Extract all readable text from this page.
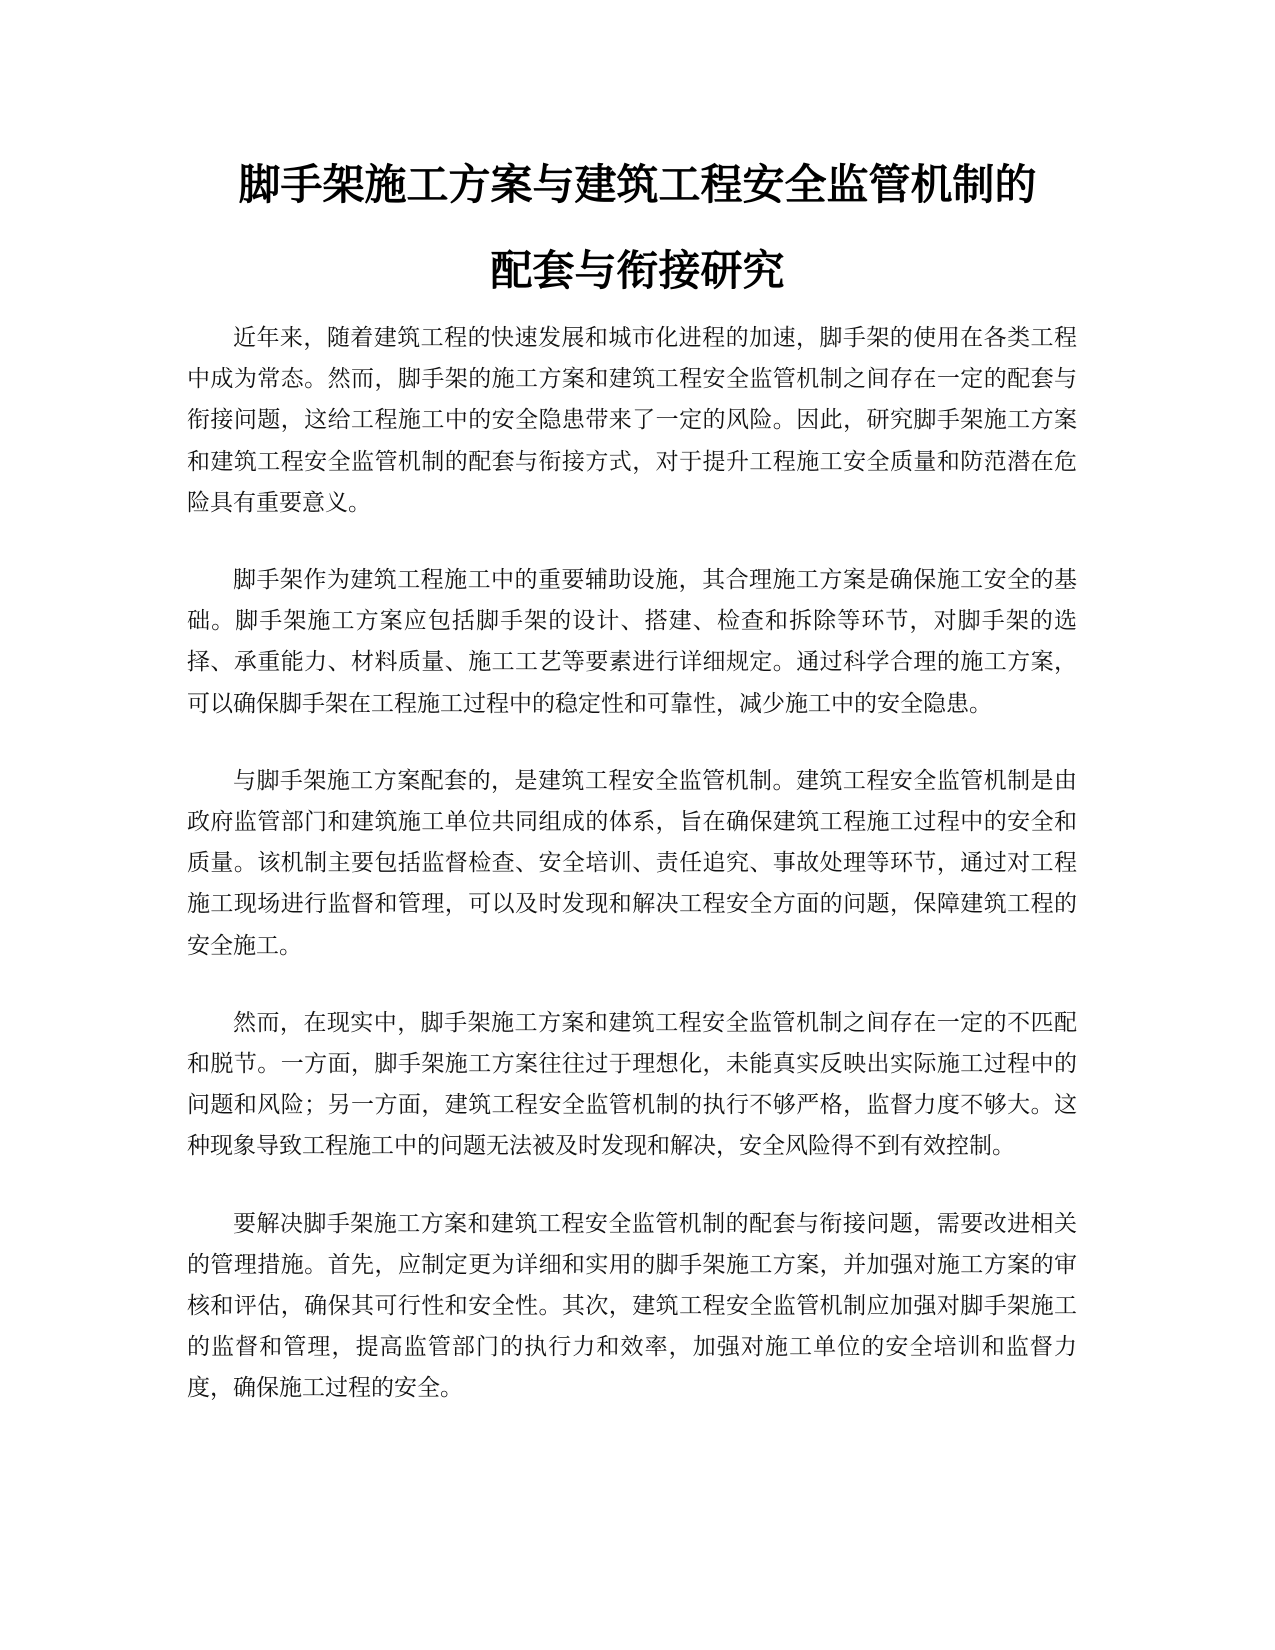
脚手架施工方案与建筑工程安全监管机制的
配套与衔接研究

近年来，随着建筑工程的快速发展和城市化进程的加速，脚手架的使用在各类工程中成为常态。然而，脚手架的施工方案和建筑工程安全监管机制之间存在一定的配套与衔接问题，这给工程施工中的安全隐患带来了一定的风险。因此，研究脚手架施工方案和建筑工程安全监管机制的配套与衔接方式，对于提升工程施工安全质量和防范潜在危险具有重要意义。

脚手架作为建筑工程施工中的重要辅助设施，其合理施工方案是确保施工安全的基础。脚手架施工方案应包括脚手架的设计、搭建、检查和拆除等环节，对脚手架的选择、承重能力、材料质量、施工工艺等要素进行详细规定。通过科学合理的施工方案，可以确保脚手架在工程施工过程中的稳定性和可靠性，减少施工中的安全隐患。

与脚手架施工方案配套的，是建筑工程安全监管机制。建筑工程安全监管机制是由政府监管部门和建筑施工单位共同组成的体系，旨在确保建筑工程施工过程中的安全和质量。该机制主要包括监督检查、安全培训、责任追究、事故处理等环节，通过对工程施工现场进行监督和管理，可以及时发现和解决工程安全方面的问题，保障建筑工程的安全施工。

然而，在现实中，脚手架施工方案和建筑工程安全监管机制之间存在一定的不匹配和脱节。一方面，脚手架施工方案往往过于理想化，未能真实反映出实际施工过程中的问题和风险；另一方面，建筑工程安全监管机制的执行不够严格，监督力度不够大。这种现象导致工程施工中的问题无法被及时发现和解决，安全风险得不到有效控制。

要解决脚手架施工方案和建筑工程安全监管机制的配套与衔接问题，需要改进相关的管理措施。首先，应制定更为详细和实用的脚手架施工方案，并加强对施工方案的审核和评估，确保其可行性和安全性。其次，建筑工程安全监管机制应加强对脚手架施工的监督和管理，提高监管部门的执行力和效率，加强对施工单位的安全培训和监督力度，确保施工过程的安全。
